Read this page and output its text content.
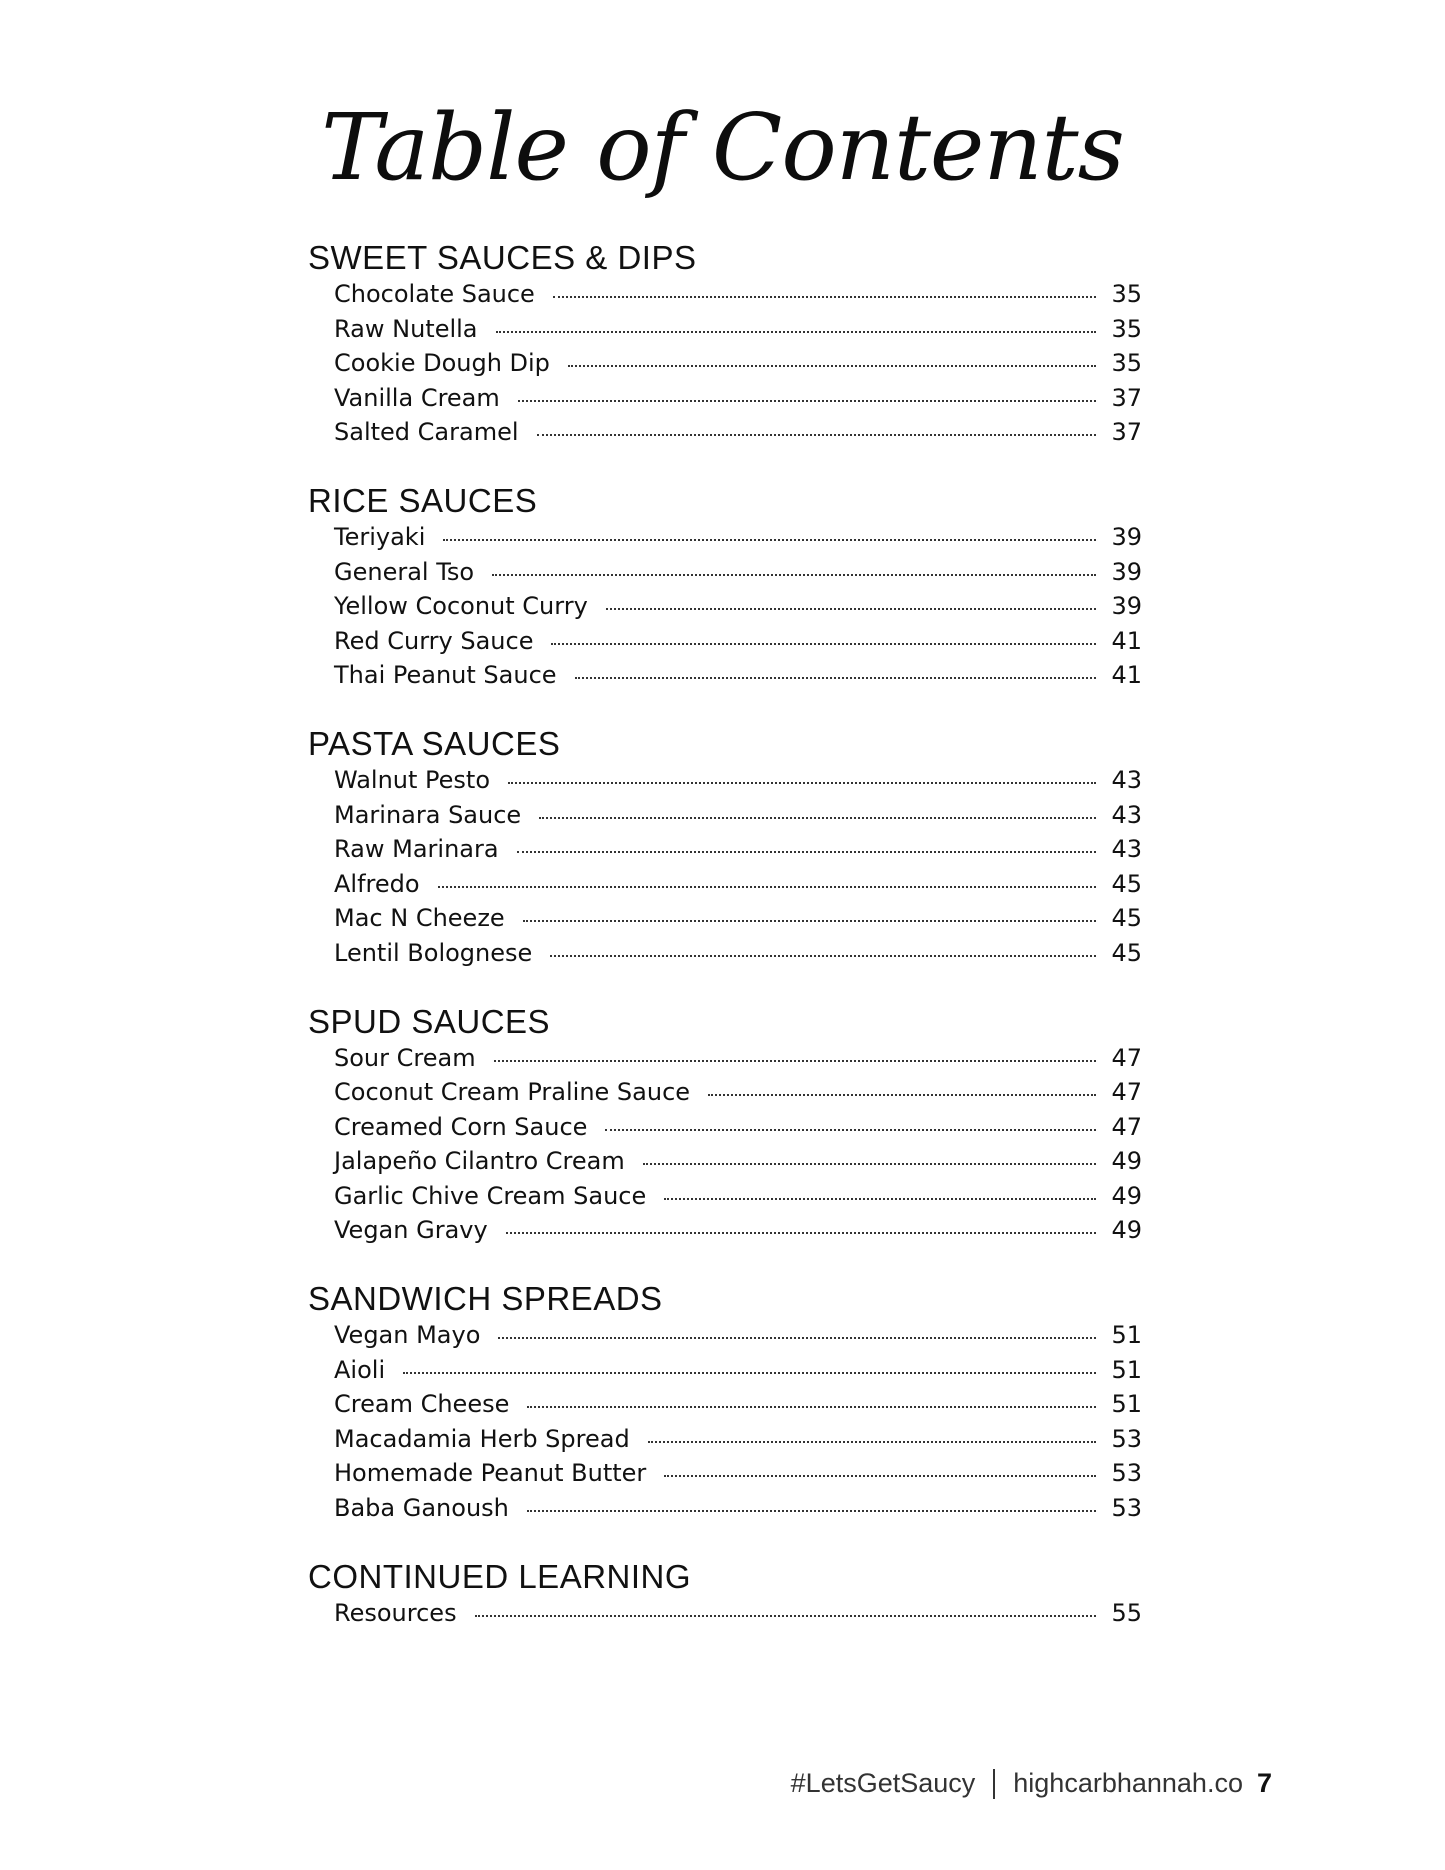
Table of Contents
SWEET SAUCES & DIPS
Chocolate Sauce	35
Raw Nutella	35
Cookie Dough Dip	35
Vanilla Cream	37
Salted Caramel	37
RICE SAUCES
Teriyaki	39
General Tso	39
Yellow Coconut Curry	39
Red Curry Sauce	41
Thai Peanut Sauce	41
PASTA SAUCES
Walnut Pesto	43
Marinara Sauce	43
Raw Marinara	43
Alfredo	45
Mac N Cheeze	45
Lentil Bolognese	45
SPUD SAUCES
Sour Cream	47
Coconut Cream Praline Sauce	47
Creamed Corn Sauce	47
Jalapeño Cilantro Cream	49
Garlic Chive Cream Sauce	49
Vegan Gravy	49
SANDWICH SPREADS
Vegan Mayo	51
Aioli	51
Cream Cheese	51
Macadamia Herb Spread	53
Homemade Peanut Butter	53
Baba Ganoush	53
CONTINUED LEARNING
Resources	55
#LetsGetSaucy highcarbhannah.co 7
